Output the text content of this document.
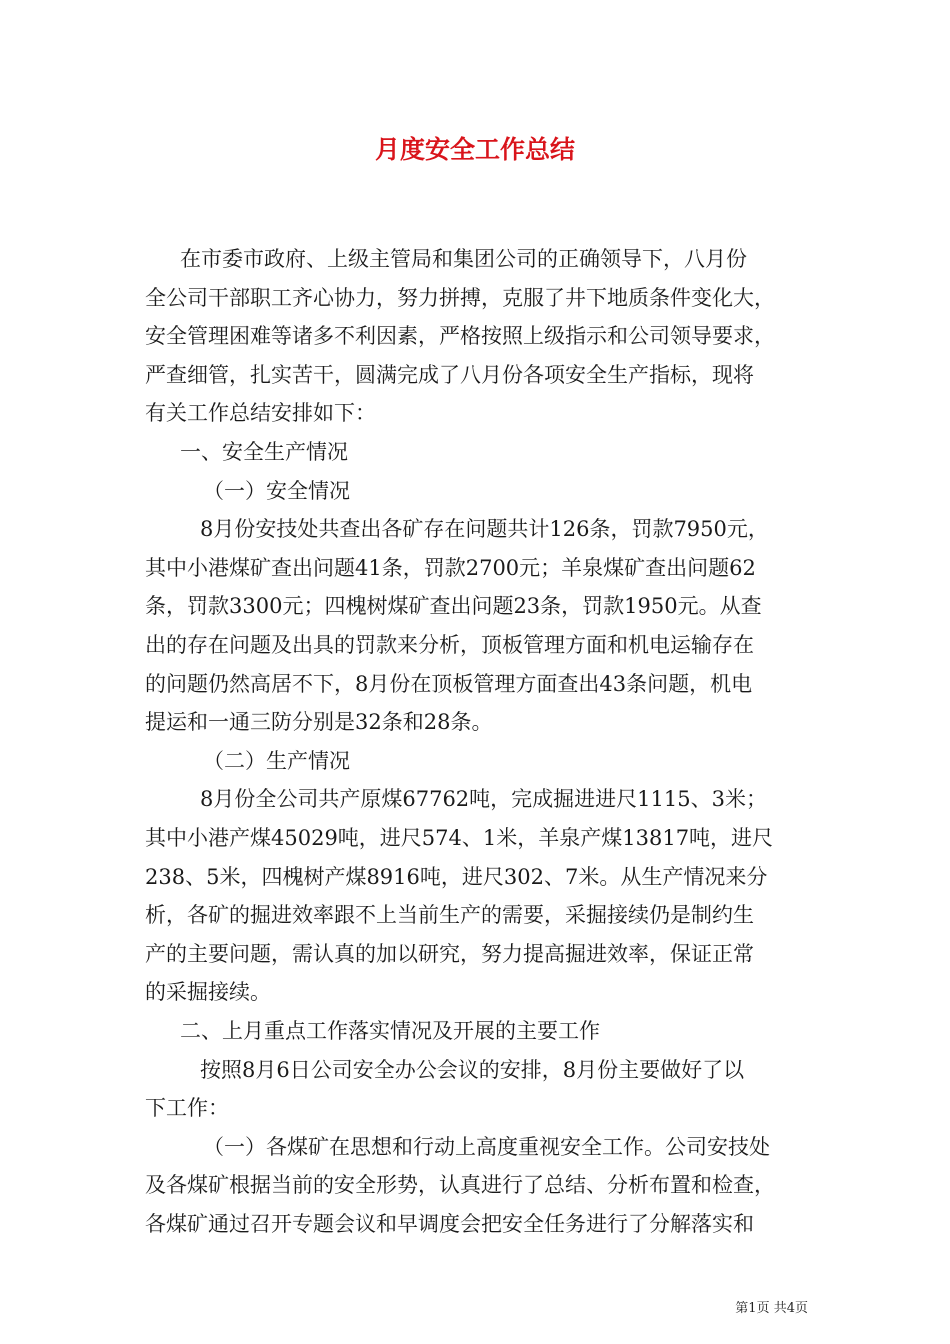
月度安全工作总结
在市委市政府、上级主管局和集团公司的正确领导下，八月份
全公司干部职工齐心协力，努力拼搏，克服了井下地质条件变化大，
安全管理困难等诸多不利因素，严格按照上级指示和公司领导要求，
严查细管，扎实苦干，圆满完成了八月份各项安全生产指标，现将
有关工作总结安排如下：
一、安全生产情况
（一）安全情况
8月份安技处共查出各矿存在问题共计126条，罚款7950元，
其中小港煤矿查出问题41条，罚款2700元；羊泉煤矿查出问题62
条，罚款3300元；四槐树煤矿查出问题23条，罚款1950元。从查
出的存在问题及出具的罚款来分析，顶板管理方面和机电运输存在
的问题仍然高居不下，8月份在顶板管理方面查出43条问题，机电
提运和一通三防分别是32条和28条。
（二）生产情况
8月份全公司共产原煤67762吨，完成掘进进尺1115、3米；
其中小港产煤45029吨，进尺574、1米，羊泉产煤13817吨，进尺
238、5米，四槐树产煤8916吨，进尺302、7米。从生产情况来分
析，各矿的掘进效率跟不上当前生产的需要，采掘接续仍是制约生
产的主要问题，需认真的加以研究，努力提高掘进效率，保证正常
的采掘接续。
二、上月重点工作落实情况及开展的主要工作
按照8月6日公司安全办公会议的安排，8月份主要做好了以
下工作：
（一）各煤矿在思想和行动上高度重视安全工作。公司安技处
及各煤矿根据当前的安全形势，认真进行了总结、分析布置和检查，
各煤矿通过召开专题会议和早调度会把安全任务进行了分解落实和
第1页 共4页
